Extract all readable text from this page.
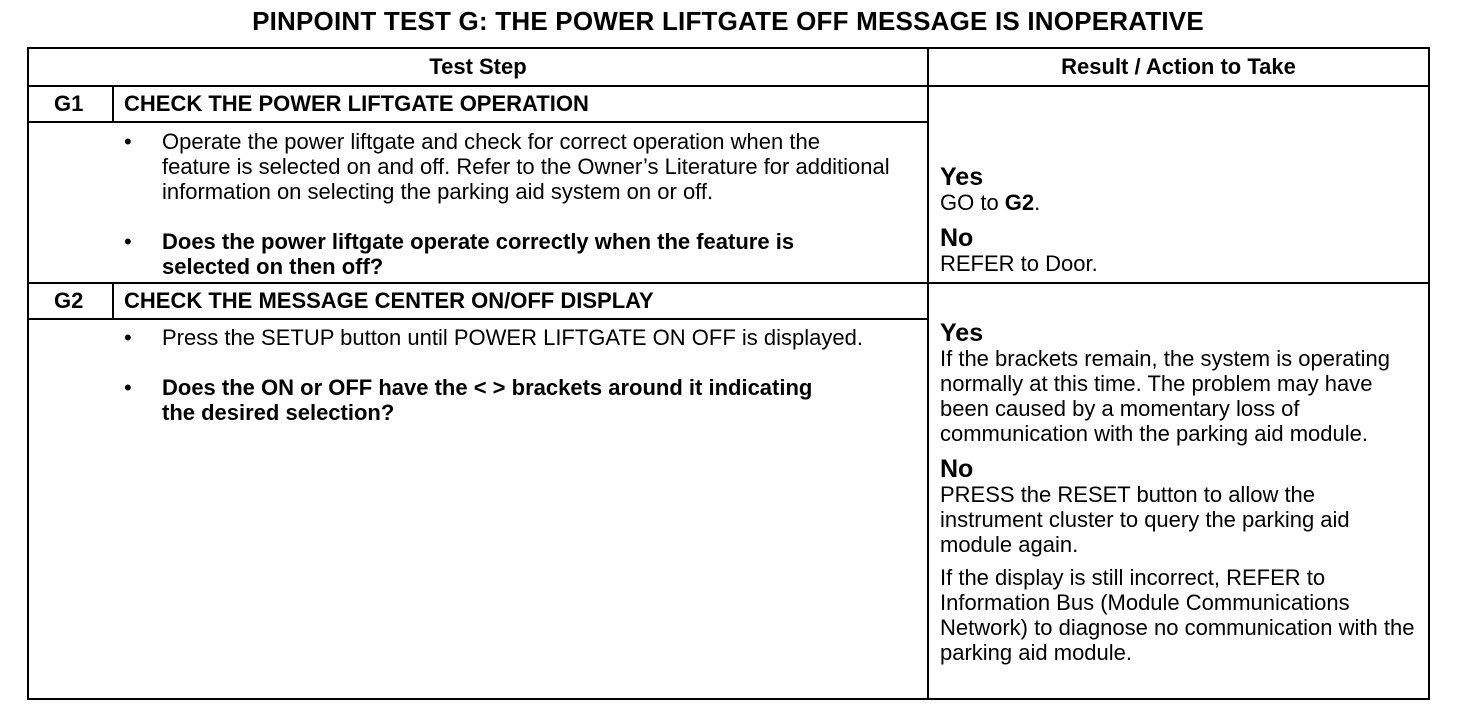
PINPOINT TEST G: THE POWER LIFTGATE OFF MESSAGE IS INOPERATIVE
Test Step	Result / Action to Take
G1 CHECK THE POWER LIFTGATE OPERATION
• Operate the power liftgate and check for correct operation when the feature is selected on and off. Refer to the Owner’s Literature for additional information on selecting the parking aid system on or off.
• Does the power liftgate operate correctly when the feature is selected on then off?
Yes
GO to G2.
No
REFER to Door.
G2 CHECK THE MESSAGE CENTER ON/OFF DISPLAY
• Press the SETUP button until POWER LIFTGATE ON OFF is displayed.
• Does the ON or OFF have the < > brackets around it indicating the desired selection?
Yes
If the brackets remain, the system is operating normally at this time. The problem may have been caused by a momentary loss of communication with the parking aid module.
No
PRESS the RESET button to allow the instrument cluster to query the parking aid module again.
If the display is still incorrect, REFER to Information Bus (Module Communications Network) to diagnose no communication with the parking aid module.
